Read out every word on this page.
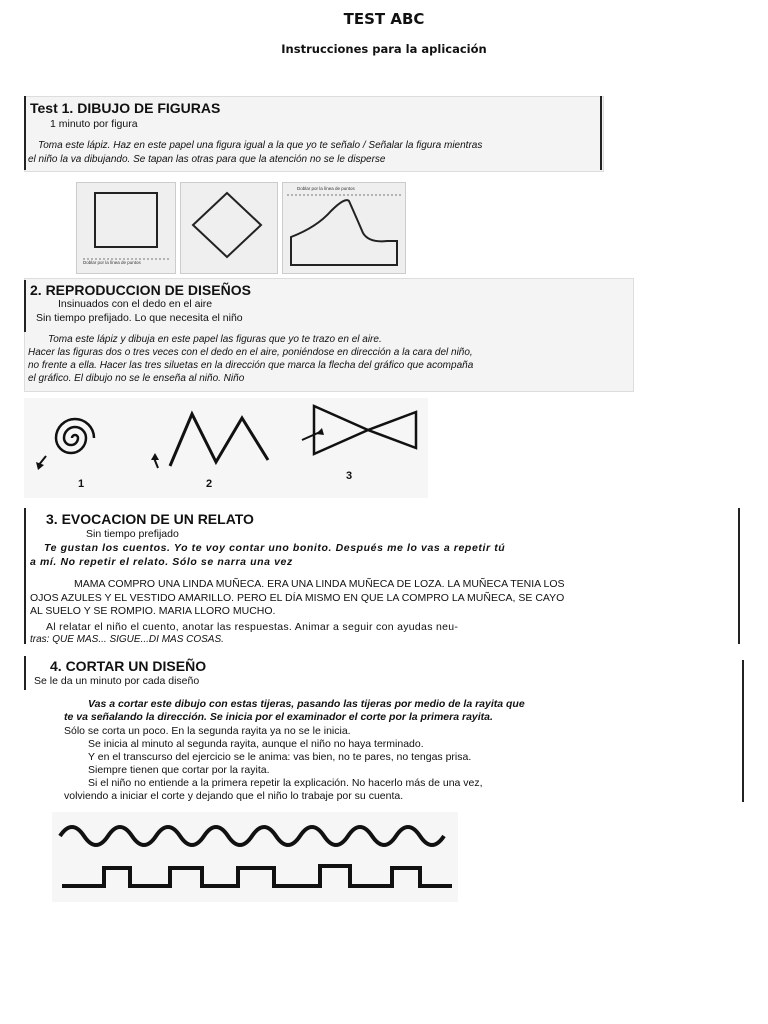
TEST ABC
Instrucciones para la aplicación
Test 1. DIBUJO DE FIGURAS
1 minuto por figura
Toma este lápiz. Haz en este papel una figura igual a la que yo te señalo / Señalar la figura mientras
el niño la va dibujando. Se tapan las otras para que la atención no se le disperse
Doblar por la línea de puntos
Doblar por la línea de puntos
2. REPRODUCCION DE DISEÑOS
Insinuados con el dedo en el aire
Sin tiempo prefijado. Lo que necesita el niño
Toma este lápiz y dibuja en este papel las figuras que yo te trazo en el aire.
Hacer las figuras dos o tres veces con el dedo en el aire, poniéndose en dirección a la cara del niño,
no frente a ella. Hacer las tres siluetas en la dirección que marca la flecha del gráfico que acompaña
el gráfico. El dibujo no se le enseña al niño. Niño
1	2
3
3. EVOCACION DE UN RELATO
Sin tiempo prefijado
Te gustan los cuentos. Yo te voy contar uno bonito. Después me lo vas a repetir tú
a mí. No repetir el relato. Sólo se narra una vez
MAMA COMPRO UNA LINDA MUÑECA. ERA UNA LINDA MUÑECA DE LOZA. LA MUÑECA TENIA LOS
OJOS AZULES Y EL VESTIDO AMARILLO. PERO EL DÍA MISMO EN QUE LA COMPRO LA MUÑECA, SE CAYO
AL SUELO Y SE ROMPIO. MARIA LLORO MUCHO.
Al relatar el niño el cuento, anotar las respuestas. Animar a seguir con ayudas neu-
tras: QUE MAS... SIGUE...DI MAS COSAS.
4. CORTAR UN DISEÑO
Se le da un minuto por cada diseño
Vas a cortar este dibujo con estas tijeras, pasando las tijeras por medio de la rayita que
te va señalando la dirección. Se inicia por el examinador el corte por la primera rayita.
Sólo se corta un poco. En la segunda rayita ya no se le inicia.
Se inicia al minuto al segunda rayita, aunque el niño no haya terminado.
Y en el transcurso del ejercicio se le anima: vas bien, no te pares, no tengas prisa.
Siempre tienen que cortar por la rayita.
Si el niño no entiende a la primera repetir la explicación. No hacerlo más de una vez,
volviendo a iniciar el corte y dejando que el niño lo trabaje por su cuenta.
